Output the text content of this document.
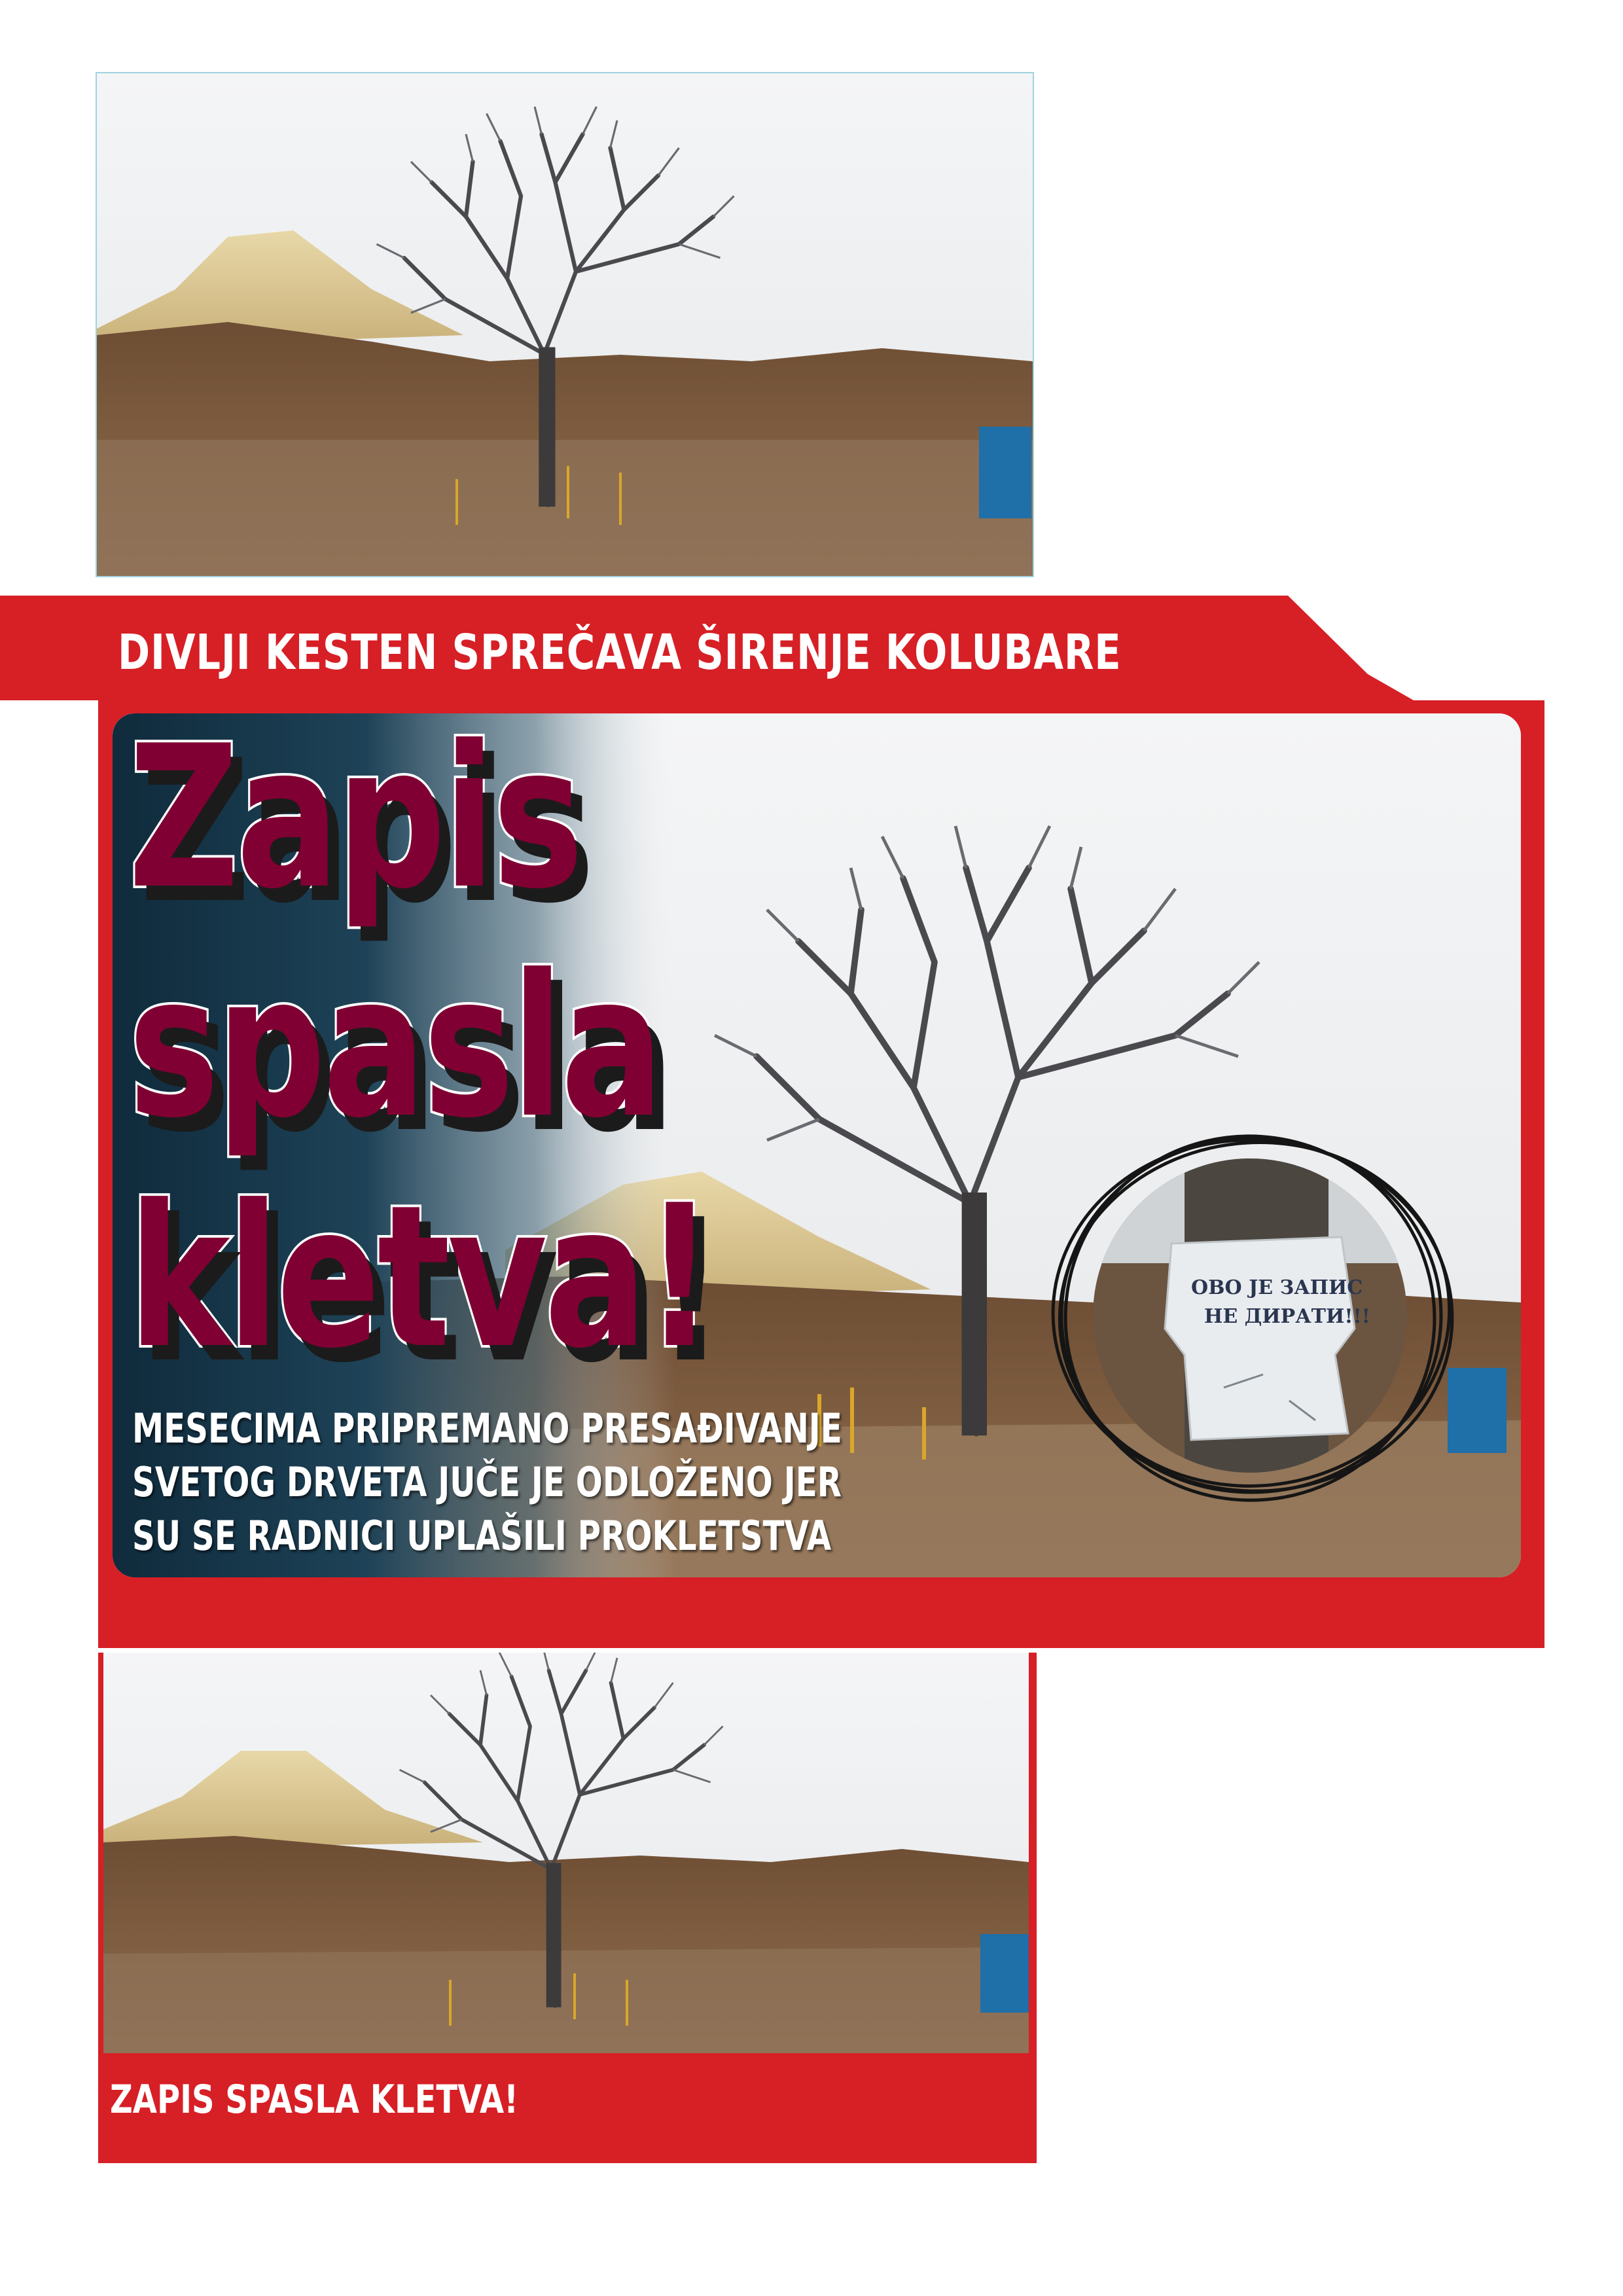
DIVLJI KESTEN SPREČAVA ŠIRENJE KOLUBARE
Zapis
spasla
kletva!
MESECIMA PRIPREMANO PRESAĐIVANJE
SVETOG DRVETA JUČE JE ODLOŽENO JER
SU SE RADNICI UPLAŠILI PROKLETSTVA
ОВО ЈЕ ЗАПИС
НЕ ДИРАТИ!!!
ZAPIS SPASLA KLETVA!
